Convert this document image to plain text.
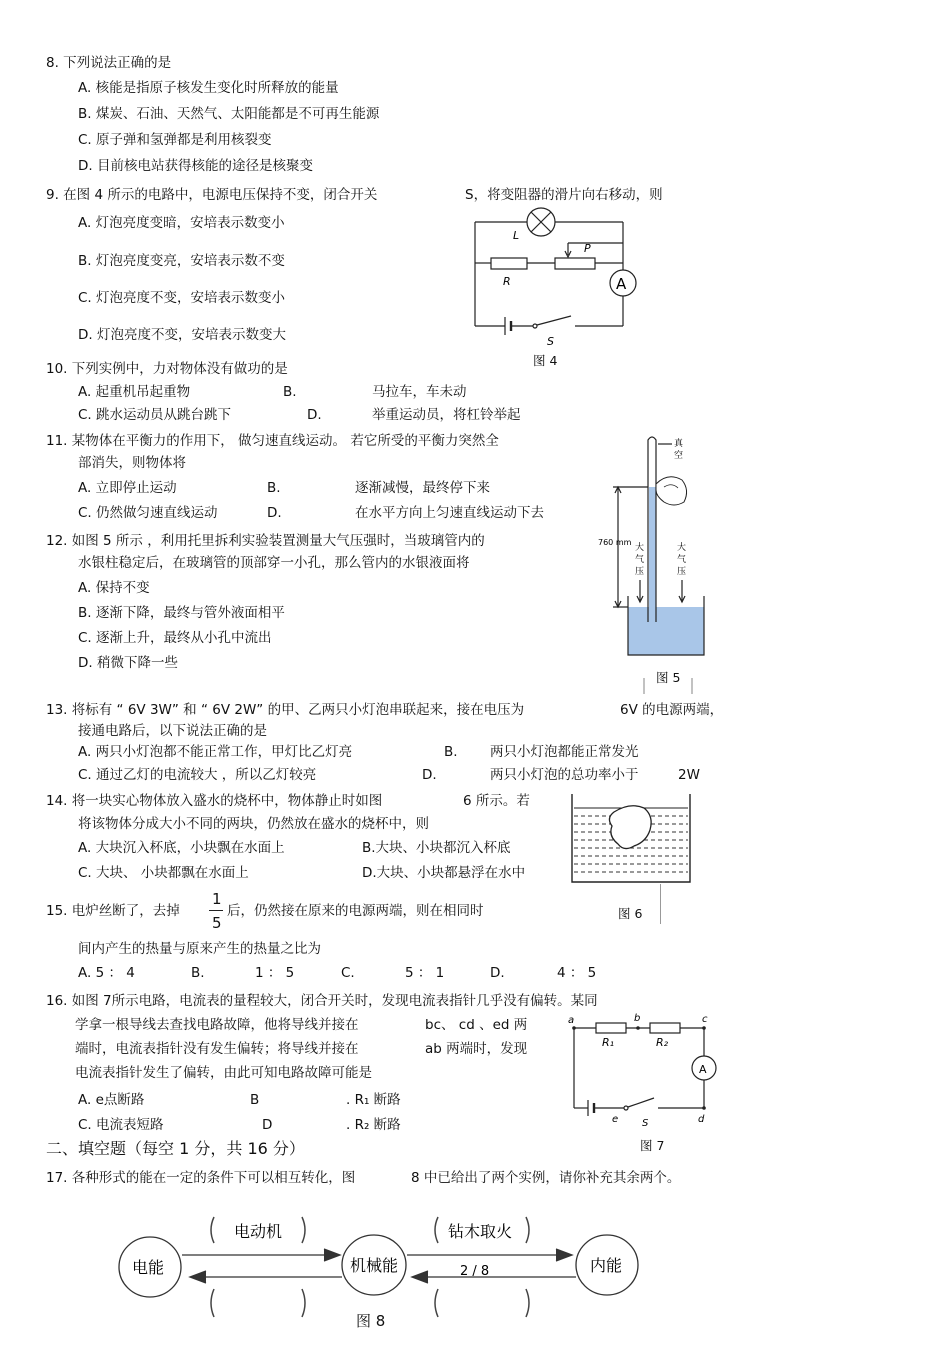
8. 下列说法正确的是
A. 核能是指原子核发生变化时所释放的能量
B. 煤炭、石油、天然气、太阳能都是不可再生能源
C. 原子弹和氢弹都是利用核裂变
D. 目前核电站获得核能的途径是核聚变
9. 在图 4 所示的电路中，电源电压保持不变，闭合开关	S，将变阻器的滑片向右移动，则
A. 灯泡亮度变暗，安培表示数变小
B. 灯泡亮度变亮，安培表示数不变
C. 灯泡亮度不变，安培表示数变小
D. 灯泡亮度不变，安培表示数变大
L
P
R	A
S
图 4
10. 下列实例中，力对物体没有做功的是
A. 起重机吊起重物	B.	马拉车，车未动
C. 跳水运动员从跳台跳下	D.	举重运动员，将杠铃举起
11. 某物体在平衡力的作用下， 做匀速直线运动。 若它所受的平衡力突然全
部消失，则物体将
A. 立即停止运动	B.	逐渐减慢，最终停下来
C. 仍然做匀速直线运动	D.	在水平方向上匀速直线运动下去
真空
760 mm
大气压
大气压
图 5
12. 如图 5 所示 ，利用托里拆利实验装置测量大气压强时，当玻璃管内的
水银柱稳定后，在玻璃管的顶部穿一小孔，那么管内的水银液面将
A. 保持不变
B. 逐渐下降，最终与管外液面相平
C. 逐渐上升，最终从小孔中流出
D. 稍微下降一些
13. 将标有 “ 6V 3W” 和 “ 6V 2W” 的甲、乙两只小灯泡串联起来，接在电压为	6V 的电源两端，
接通电路后，以下说法正确的是
A. 两只小灯泡都不能正常工作，甲灯比乙灯亮	B. 两只小灯泡都能正常发光
C. 通过乙灯的电流较大 ，所以乙灯较亮	D.	两只小灯泡的总功率小于	2W
14. 将一块实心物体放入盛水的烧杯中，物体静止时如图	6 所示。若
将该物体分成大小不同的两块，仍然放在盛水的烧杯中，则
A. 大块沉入杯底，小块飘在水面上	B.大块、小块都沉入杯底
C. 大块、 小块都飘在水面上	D.大块、小块都悬浮在水中
图 6
15. 电炉丝断了，去掉
1
5
后，仍然接在原来的电源两端，则在相同时
间内产生的热量与原来产生的热量之比为
A. 5 ： 4	B.	1 ： 5	C.	5 ： 1	D.	4 ： 5
16. 如图 7所示电路，电流表的量程较大，闭合开关时，发现电流表指针几乎没有偏转。某同
学拿一根导线去查找电路故障，他将导线并接在	bc、 cd 、ed 两
端时，电流表指针没有发生偏转；将导线并接在	ab 两端时，发现
电流表指针发生了偏转，由此可知电路故障可能是
A. e点断路	B	. R₁ 断路
C. 电流表短路	D	. R₂ 断路
a	b	c
d
e
R₁	R₂
A
S
图 7
二、填空题（每空 1 分，共 16 分）
17. 各种形式的能在一定的条件下可以相互转化，图	8 中已给出了两个实例，请你补充其余两个。
电能	机械能	内能
电动机	钻木取火
2 / 8
图 8
